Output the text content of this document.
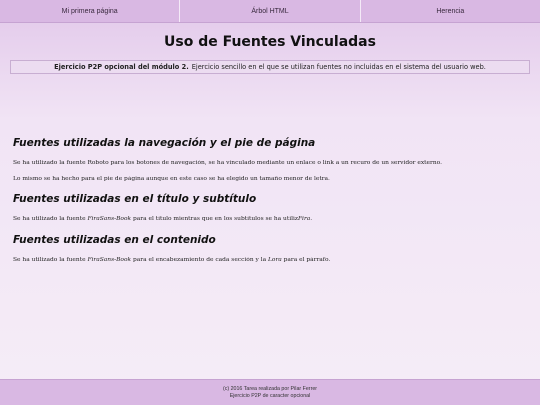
Mi primera página	Árbol HTML	Herencia
Uso de Fuentes Vinculadas
Ejercicio P2P opcional del módulo 2. Ejercicio sencillo en el que se utilizan fuentes no incluidas en el sistema del usuario web.
Fuentes utilizadas la navegación y el pie de página

Se ha utilizado la fuente Roboto para los botones de navegación, se ha vinculado mediante un enlace o link a un recuro de un servidor externo.

Lo mismo se ha hecho para el pie de página aunque en este caso se ha elegido un tamaño menor de letra.

Fuentes utilizadas en el título y subtítulo

Se ha utilizado la fuente FiraSans-Book para el título mientras que en los subtítulos se ha utilizFira.

Fuentes utilizadas en el contenido

Se ha utilizado la fuente FiraSans-Book para el encabezamiento de cada sección y la Lora para el párrafo.

(c) 2016 Tarea realizada por Pilar Ferrer
Ejercicio P2P de caracter opcional
